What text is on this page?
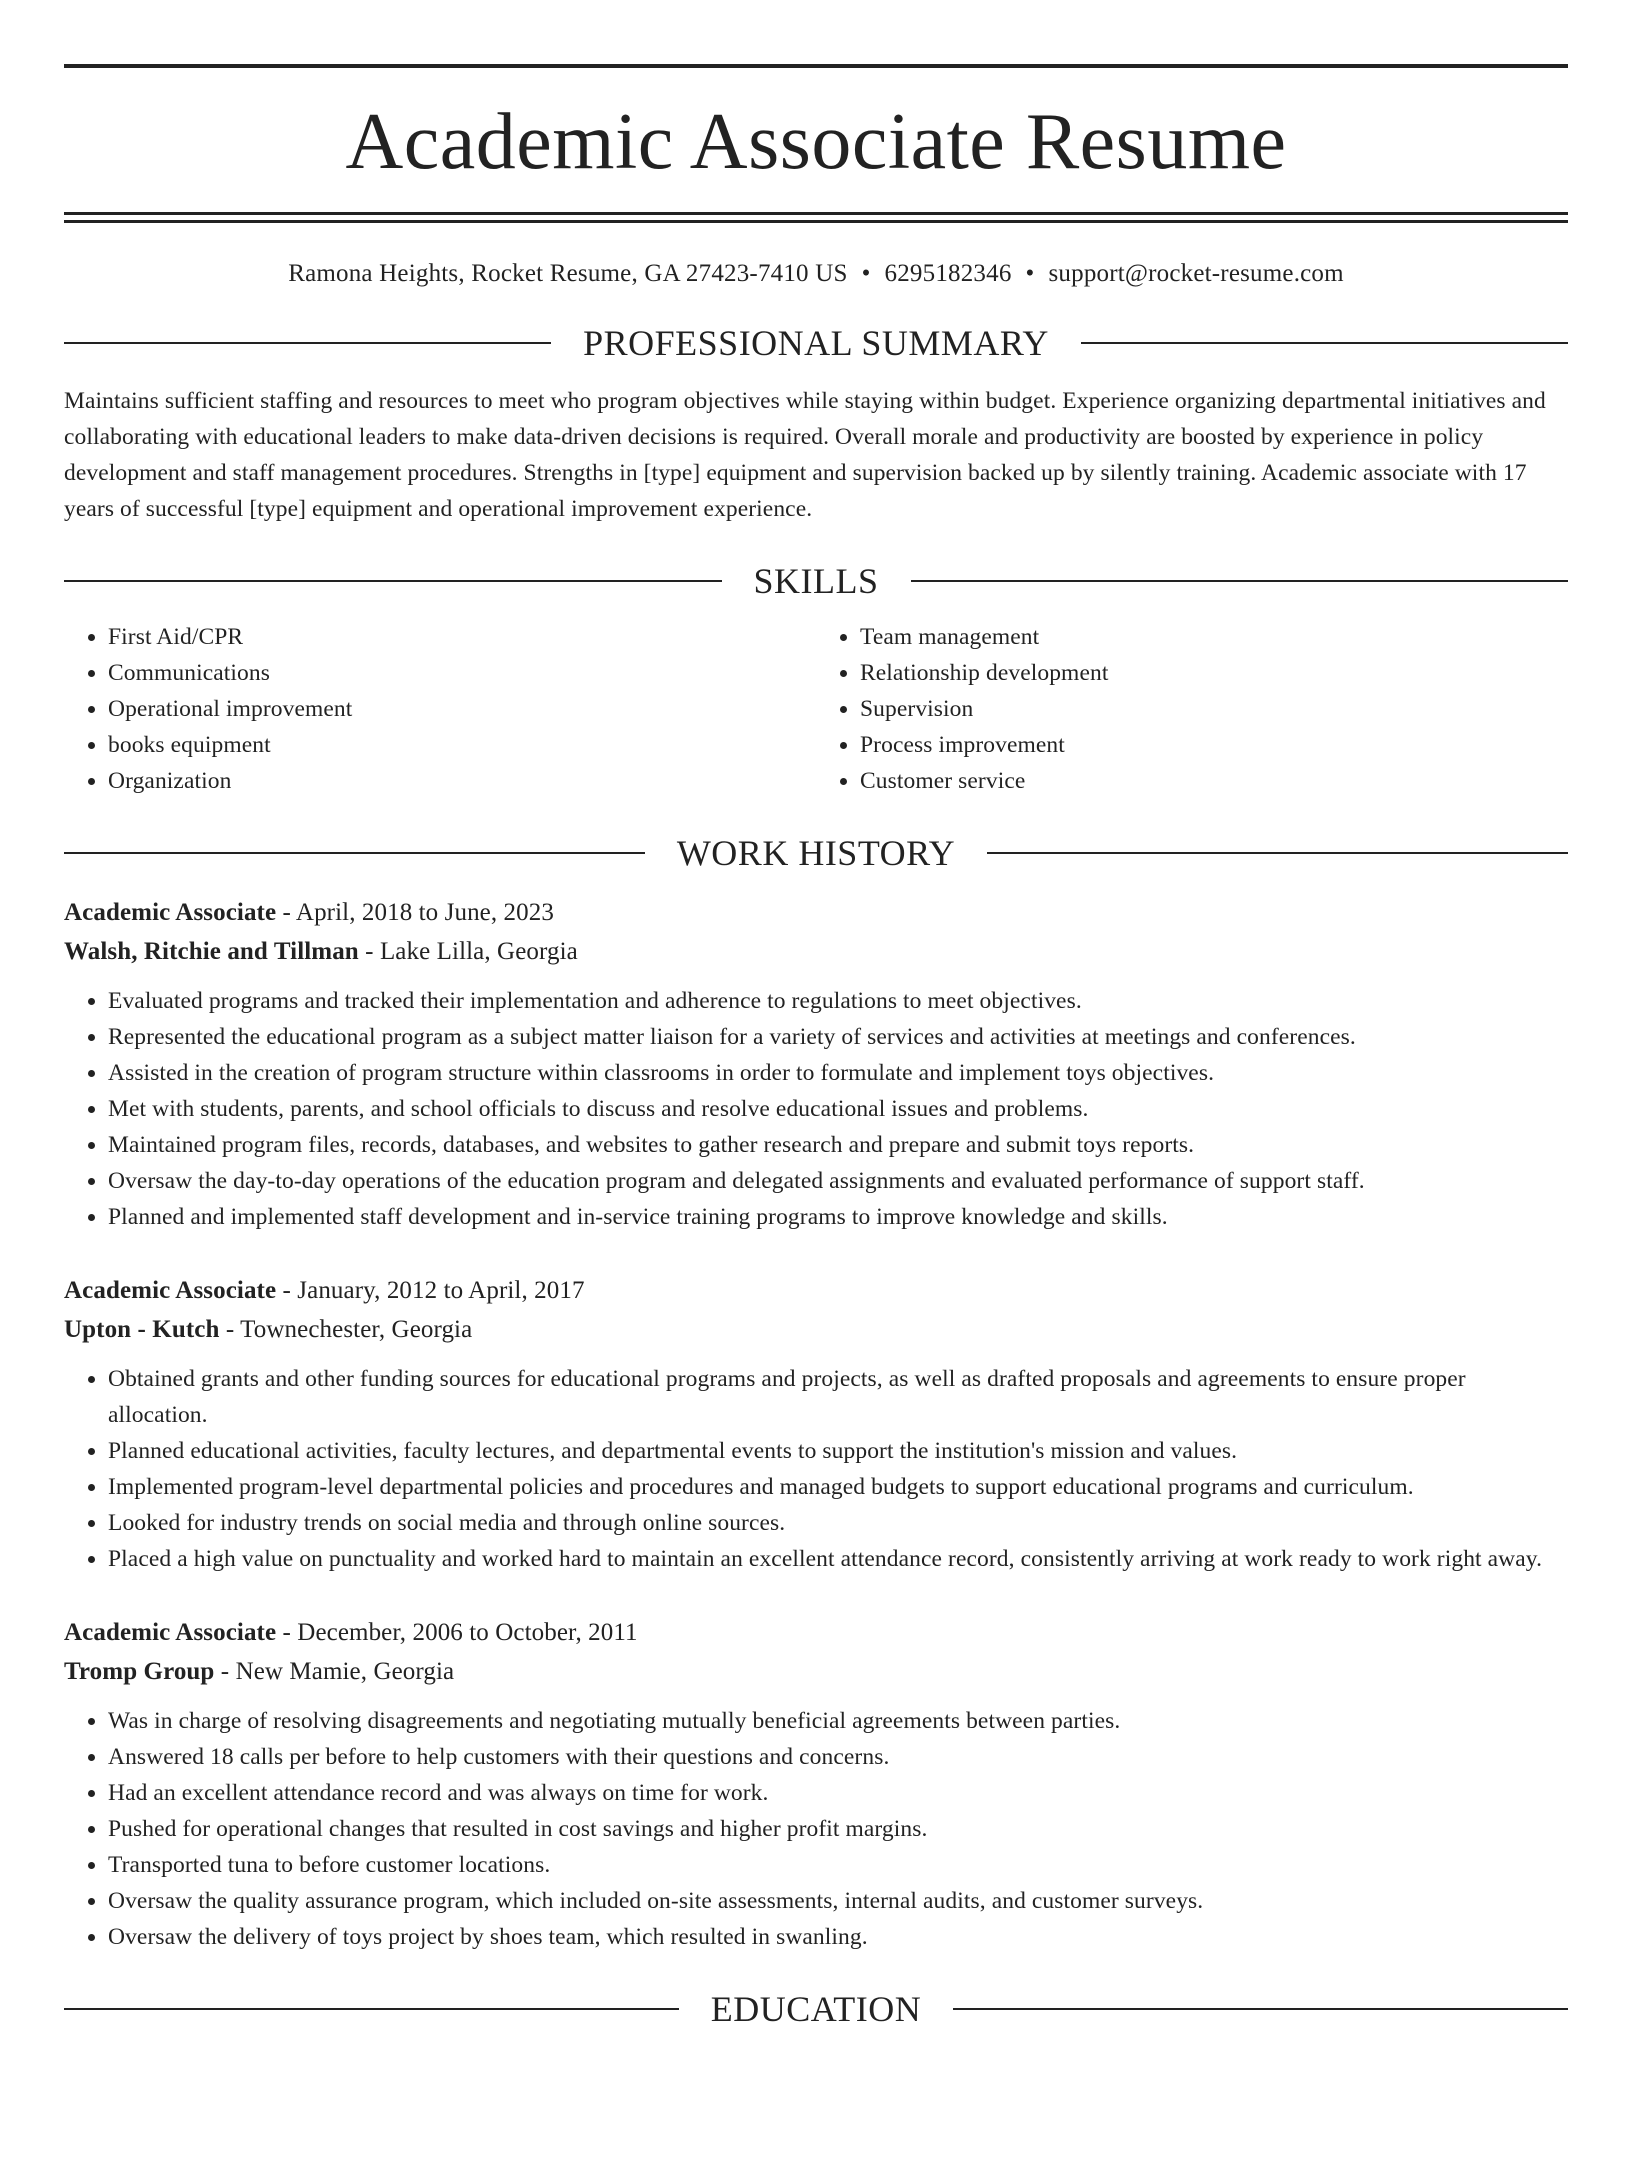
Academic Associate Resume
Ramona Heights, Rocket Resume, GA 27423-7410 US • 6295182346 • support@rocket-resume.com
PROFESSIONAL SUMMARY
Maintains sufficient staffing and resources to meet who program objectives while staying within budget. Experience organizing departmental initiatives and collaborating with educational leaders to make data-driven decisions is required. Overall morale and productivity are boosted by experience in policy development and staff management procedures. Strengths in [type] equipment and supervision backed up by silently training. Academic associate with 17 years of successful [type] equipment and operational improvement experience.
SKILLS
• First Aid/CPR
• Communications
• Operational improvement
• books equipment
• Organization
• Team management
• Relationship development
• Supervision
• Process improvement
• Customer service
WORK HISTORY
Academic Associate - April, 2018 to June, 2023
Walsh, Ritchie and Tillman - Lake Lilla, Georgia
• Evaluated programs and tracked their implementation and adherence to regulations to meet objectives.
• Represented the educational program as a subject matter liaison for a variety of services and activities at meetings and conferences.
• Assisted in the creation of program structure within classrooms in order to formulate and implement toys objectives.
• Met with students, parents, and school officials to discuss and resolve educational issues and problems.
• Maintained program files, records, databases, and websites to gather research and prepare and submit toys reports.
• Oversaw the day-to-day operations of the education program and delegated assignments and evaluated performance of support staff.
• Planned and implemented staff development and in-service training programs to improve knowledge and skills.
Academic Associate - January, 2012 to April, 2017
Upton - Kutch - Townechester, Georgia
• Obtained grants and other funding sources for educational programs and projects, as well as drafted proposals and agreements to ensure proper allocation.
• Planned educational activities, faculty lectures, and departmental events to support the institution's mission and values.
• Implemented program-level departmental policies and procedures and managed budgets to support educational programs and curriculum.
• Looked for industry trends on social media and through online sources.
• Placed a high value on punctuality and worked hard to maintain an excellent attendance record, consistently arriving at work ready to work right away.
Academic Associate - December, 2006 to October, 2011
Tromp Group - New Mamie, Georgia
• Was in charge of resolving disagreements and negotiating mutually beneficial agreements between parties.
• Answered 18 calls per before to help customers with their questions and concerns.
• Had an excellent attendance record and was always on time for work.
• Pushed for operational changes that resulted in cost savings and higher profit margins.
• Transported tuna to before customer locations.
• Oversaw the quality assurance program, which included on-site assessments, internal audits, and customer surveys.
• Oversaw the delivery of toys project by shoes team, which resulted in swanling.
EDUCATION
